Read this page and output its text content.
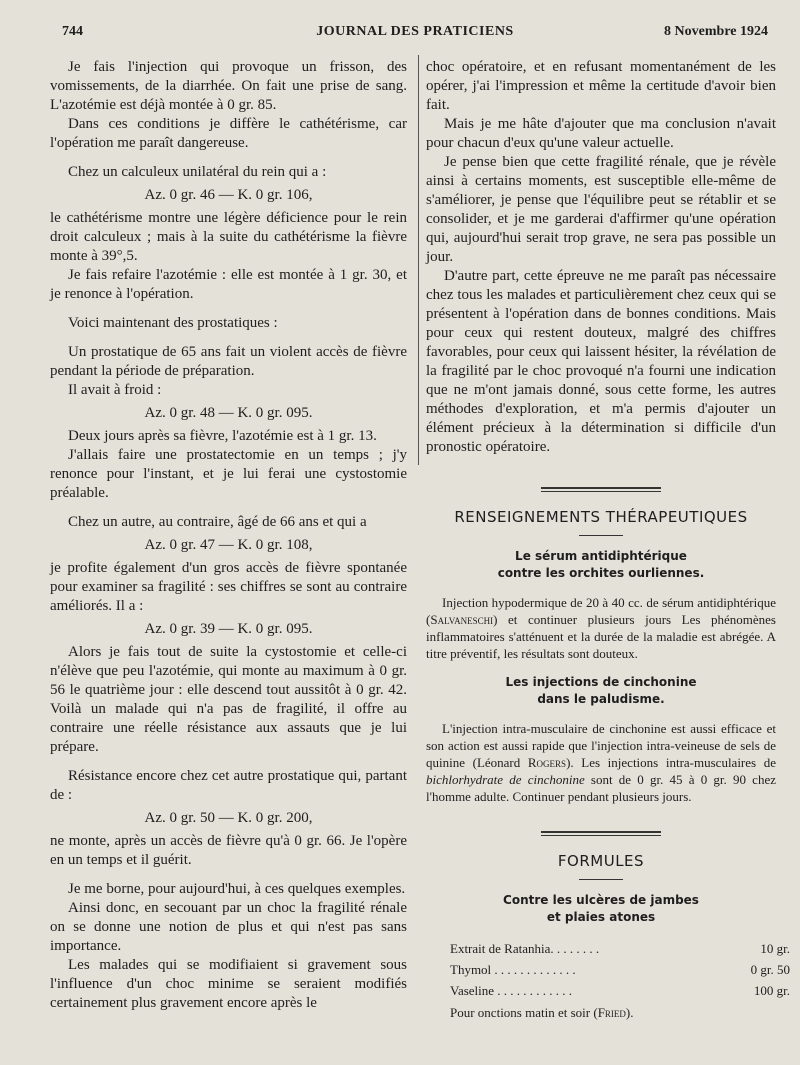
744	JOURNAL DES PRATICIENS	8 Novembre 1924

Je fais l'injection qui provoque un frisson, des vomissements, de la diarrhée. On fait une prise de sang. L'azotémie est déjà montée à 0 gr. 85.

Dans ces conditions je diffère le cathétérisme, car l'opération me paraît dangereuse.

Chez un calculeux unilatéral du rein qui a :

Az. 0 gr. 46 — K. 0 gr. 106,

le cathétérisme montre une légère déficience pour le rein droit calculeux ; mais à la suite du cathétérisme la fièvre monte à 39°,5.

Je fais refaire l'azotémie : elle est montée à 1 gr. 30, et je renonce à l'opération.

Voici maintenant des prostatiques :

Un prostatique de 65 ans fait un violent accès de fièvre pendant la période de préparation.

Il avait à froid :

Az. 0 gr. 48 — K. 0 gr. 095.

Deux jours après sa fièvre, l'azotémie est à 1 gr. 13.

J'allais faire une prostatectomie en un temps ; j'y renonce pour l'instant, et je lui ferai une cystostomie préalable.

Chez un autre, au contraire, âgé de 66 ans et qui a

Az. 0 gr. 47 — K. 0 gr. 108,

je profite également d'un gros accès de fièvre spontanée pour examiner sa fragilité : ses chiffres se sont au contraire améliorés. Il a :

Az. 0 gr. 39 — K. 0 gr. 095.

Alors je fais tout de suite la cystostomie et celle-ci n'élève que peu l'azotémie, qui monte au maximum à 0 gr. 56 le quatrième jour : elle descend tout aussitôt à 0 gr. 42. Voilà un malade qui n'a pas de fragilité, il offre au contraire une réelle résistance aux assauts que je lui prépare.

Résistance encore chez cet autre prostatique qui, partant de :

Az. 0 gr. 50 — K. 0 gr. 200,

ne monte, après un accès de fièvre qu'à 0 gr. 66. Je l'opère en un temps et il guérit.

Je me borne, pour aujourd'hui, à ces quelques exemples.

Ainsi donc, en secouant par un choc la fragilité rénale on se donne une notion de plus et qui n'est pas sans importance.

Les malades qui se modifiaient si gravement sous l'influence d'un choc minime se seraient modifiés certainement plus gravement encore après le

choc opératoire, et en refusant momentanément de les opérer, j'ai l'impression et même la certitude d'avoir bien fait.

Mais je me hâte d'ajouter que ma conclusion n'avait pour chacun d'eux qu'une valeur actuelle.

Je pense bien que cette fragilité rénale, que je révèle ainsi à certains moments, est susceptible elle-même de s'améliorer, je pense que l'équilibre peut se rétablir et se consolider, et je me garderai d'affirmer qu'une opération qui, aujourd'hui serait trop grave, ne sera pas possible un jour.

D'autre part, cette épreuve ne me paraît pas nécessaire chez tous les malades et particulièrement chez ceux qui se présentent à l'opération dans de bonnes conditions. Mais pour ceux qui restent douteux, malgré des chiffres favorables, pour ceux qui laissent hésiter, la révélation de la fragilité par le choc provoqué n'a fourni une indication que ne m'ont jamais donné, sous cette forme, les autres méthodes d'exploration, et m'a permis d'ajouter un élément précieux à la détermination si difficile d'un pronostic opératoire.

RENSEIGNEMENTS THÉRAPEUTIQUES
Le sérum antidiphtérique
contre les orchites ourliennes.

Injection hypodermique de 20 à 40 cc. de sérum antidiphtérique (Salvaneschi) et continuer plusieurs jours Les phénomènes inflammatoires s'atténuent et la durée de la maladie est abrégée. A titre préventif, les résultats sont douteux.

Les injections de cinchonine
dans le paludisme.

L'injection intra-musculaire de cinchonine est aussi efficace et son action est aussi rapide que l'injection intra-veineuse de sels de quinine (Léonard Rogers). Les injections intra-musculaires de bichlorhydrate de cinchonine sont de 0 gr. 45 à 0 gr. 90 chez l'homme adulte. Continuer pendant plusieurs jours.

FORMULES
Contre les ulcères de jambes
et plaies atones
Extrait de Ratanhia. . . . . . . .	10 gr.
Thymol . . . . . . . . . . . . .	0 gr. 50
Vaseline . . . . . . . . . . . .	100 gr.
Pour onctions matin et soir (Fried).
